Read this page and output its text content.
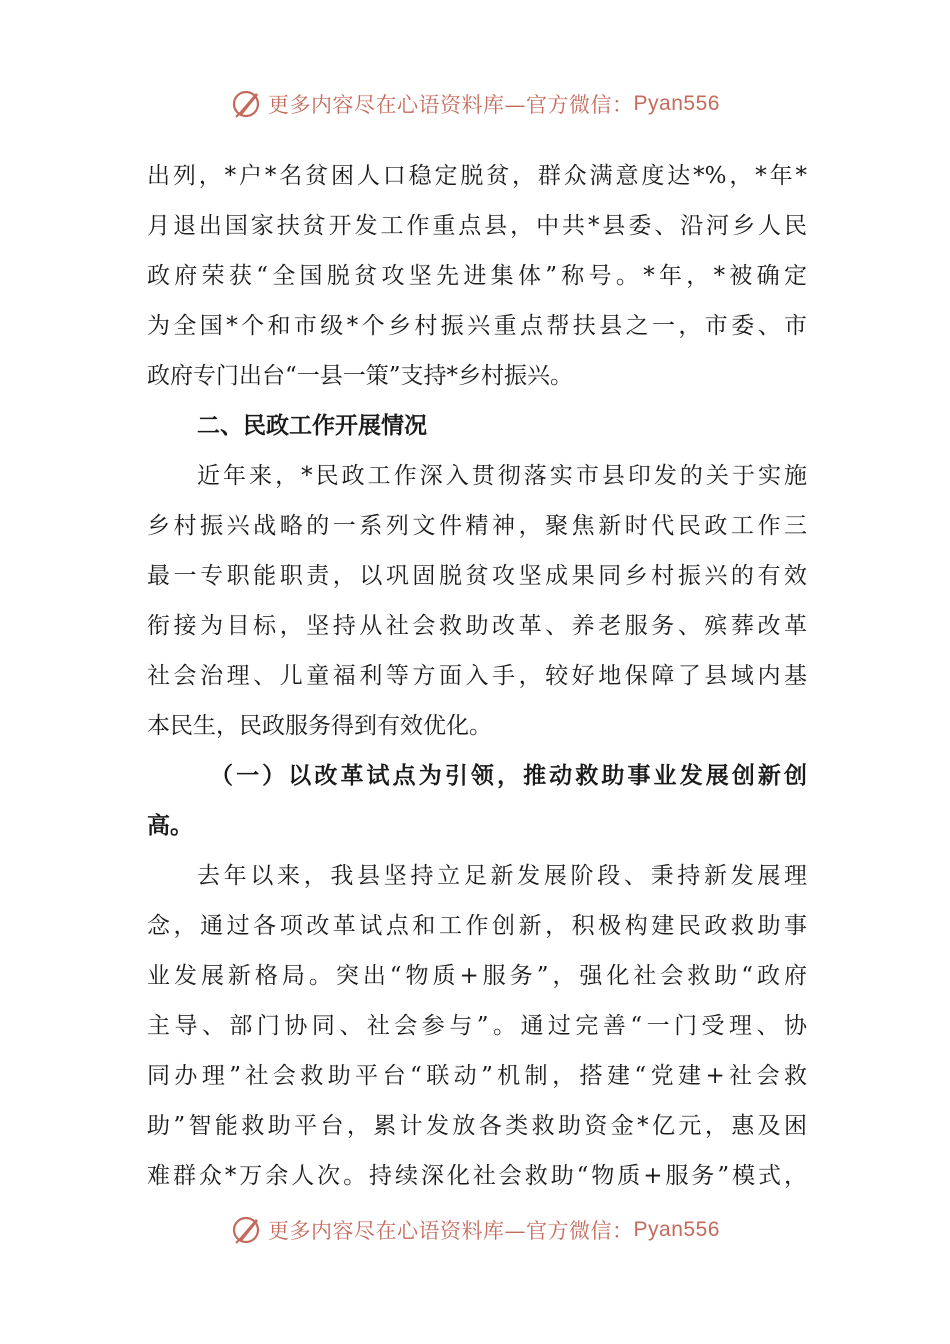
更多内容尽在心语资料库—官方微信： Pyan556
出列，*户*名贫困人口稳定脱贫，群众满意度达*%，*年*
月退出国家扶贫开发工作重点县，中共*县委、沿河乡人民
政府荣获“全国脱贫攻坚先进集体”称号。*年，*被确定
为全国*个和市级*个乡村振兴重点帮扶县之一，市委、市
政府专门出台“一县一策”支持*乡村振兴。
二、民政工作开展情况
近年来，*民政工作深入贯彻落实市县印发的关于实施
乡村振兴战略的一系列文件精神，聚焦新时代民政工作三
最一专职能职责，以巩固脱贫攻坚成果同乡村振兴的有效
衔接为目标，坚持从社会救助改革、养老服务、殡葬改革
社会治理、儿童福利等方面入手，较好地保障了县域内基
本民生，民政服务得到有效优化。
（一）以改革试点为引领，推动救助事业发展创新创
高。
去年以来，我县坚持立足新发展阶段、秉持新发展理
念，通过各项改革试点和工作创新，积极构建民政救助事
业发展新格局。突出“物质+服务”，强化社会救助“政府
主导、部门协同、社会参与”。通过完善“一门受理、协
同办理”社会救助平台“联动”机制，搭建“党建+社会救
助”智能救助平台，累计发放各类救助资金*亿元，惠及困
难群众*万余人次。持续深化社会救助“物质+服务”模式，
更多内容尽在心语资料库—官方微信： Pyan556
